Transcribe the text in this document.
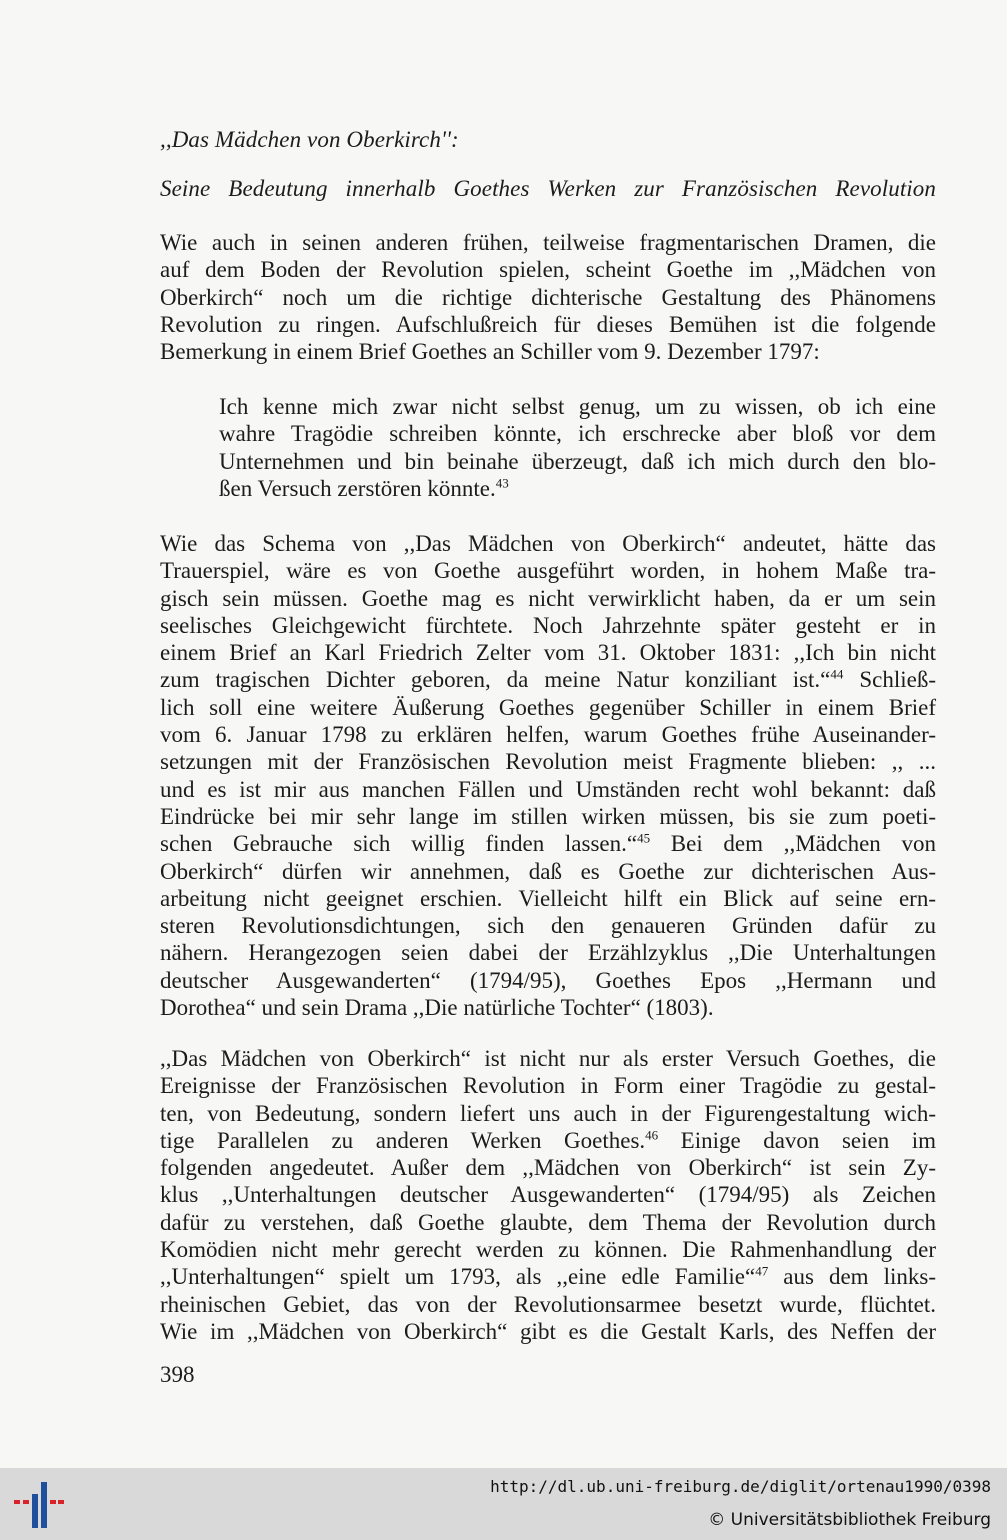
,,Das Mädchen von Oberkirch'':
Seine Bedeutung innerhalb Goethes Werken zur Französischen Revolution
Wie auch in seinen anderen frühen, teilweise fragmentarischen Dramen, die
auf dem Boden der Revolution spielen, scheint Goethe im ,,Mädchen von
Oberkirch“ noch um die richtige dichterische Gestaltung des Phänomens
Revolution zu ringen. Aufschlußreich für dieses Bemühen ist die folgende
Bemerkung in einem Brief Goethes an Schiller vom 9. Dezember 1797:
Ich kenne mich zwar nicht selbst genug, um zu wissen, ob ich eine
wahre Tragödie schreiben könnte, ich erschrecke aber bloß vor dem
Unternehmen und bin beinahe überzeugt, daß ich mich durch den blo-
ßen Versuch zerstören könnte.$^{43}$
Wie das Schema von ,,Das Mädchen von Oberkirch“ andeutet, hätte das
Trauerspiel, wäre es von Goethe ausgeführt worden, in hohem Maße tra-
gisch sein müssen. Goethe mag es nicht verwirklicht haben, da er um sein
seelisches Gleichgewicht fürchtete. Noch Jahrzehnte später gesteht er in
einem Brief an Karl Friedrich Zelter vom 31. Oktober 1831: ,,Ich bin nicht
zum tragischen Dichter geboren, da meine Natur konziliant ist.“$^{44}$ Schließ-
lich soll eine weitere Äußerung Goethes gegenüber Schiller in einem Brief
vom 6. Januar 1798 zu erklären helfen, warum Goethes frühe Auseinander-
setzungen mit der Französischen Revolution meist Fragmente blieben: ,, ...
und es ist mir aus manchen Fällen und Umständen recht wohl bekannt: daß
Eindrücke bei mir sehr lange im stillen wirken müssen, bis sie zum poeti-
schen Gebrauche sich willig finden lassen.“$^{45}$ Bei dem ,,Mädchen von
Oberkirch“ dürfen wir annehmen, daß es Goethe zur dichterischen Aus-
arbeitung nicht geeignet erschien. Vielleicht hilft ein Blick auf seine ern-
steren Revolutionsdichtungen, sich den genaueren Gründen dafür zu
nähern. Herangezogen seien dabei der Erzählzyklus ,,Die Unterhaltungen
deutscher Ausgewanderten“ (1794/95), Goethes Epos ,,Hermann und
Dorothea“ und sein Drama ,,Die natürliche Tochter“ (1803).
,,Das Mädchen von Oberkirch“ ist nicht nur als erster Versuch Goethes, die
Ereignisse der Französischen Revolution in Form einer Tragödie zu gestal-
ten, von Bedeutung, sondern liefert uns auch in der Figurengestaltung wich-
tige Parallelen zu anderen Werken Goethes.$^{46}$ Einige davon seien im
folgenden angedeutet. Außer dem ,,Mädchen von Oberkirch“ ist sein Zy-
klus ,,Unterhaltungen deutscher Ausgewanderten“ (1794/95) als Zeichen
dafür zu verstehen, daß Goethe glaubte, dem Thema der Revolution durch
Komödien nicht mehr gerecht werden zu können. Die Rahmenhandlung der
,,Unterhaltungen“ spielt um 1793, als ,,eine edle Familie“$^{47}$ aus dem links-
rheinischen Gebiet, das von der Revolutionsarmee besetzt wurde, flüchtet.
Wie im ,,Mädchen von Oberkirch“ gibt es die Gestalt Karls, des Neffen der
398
http://dl.ub.uni-freiburg.de/diglit/ortenau1990/0398
© Universitätsbibliothek Freiburg
